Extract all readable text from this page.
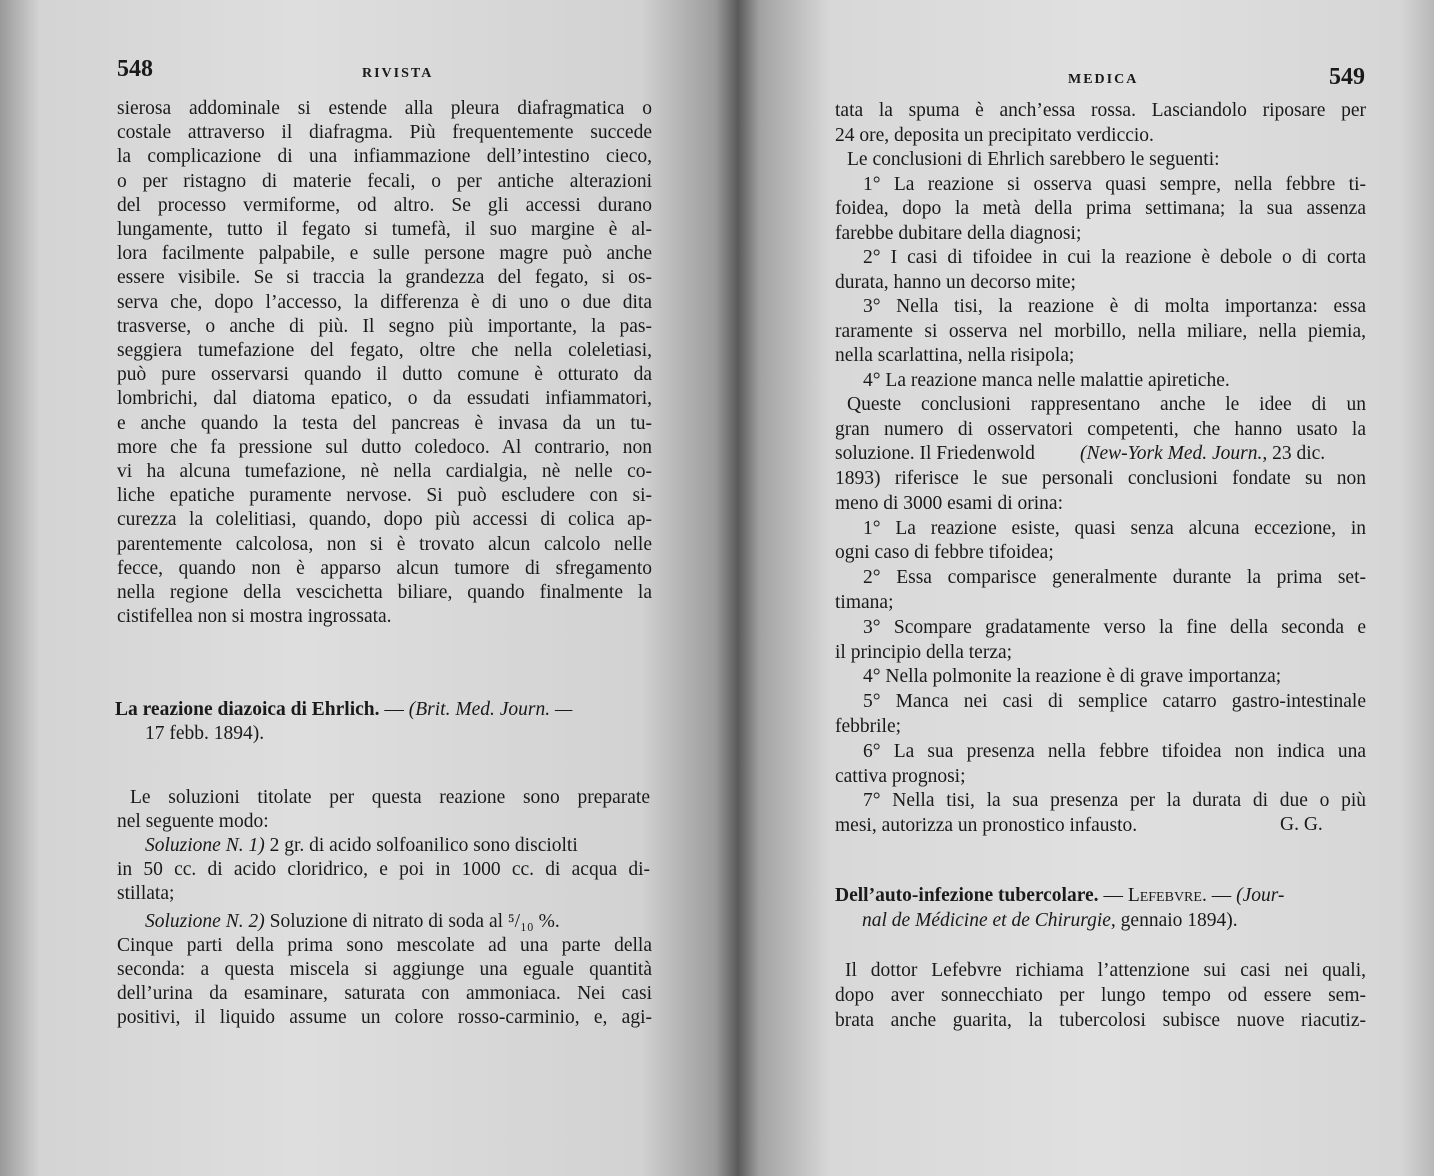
548	RIVISTA
sierosa addominale si estende alla pleura diafragmatica o
costale attraverso il diafragma. Più frequentemente succede
la complicazione di una infiammazione dell’intestino cieco,
o per ristagno di materie fecali, o per antiche alterazioni
del processo vermiforme, od altro. Se gli accessi durano
lungamente, tutto il fegato si tumefà, il suo margine è al-
lora facilmente palpabile, e sulle persone magre può anche
essere visibile. Se si traccia la grandezza del fegato, si os-
serva che, dopo l’accesso, la differenza è di uno o due dita
trasverse, o anche di più. Il segno più importante, la pas-
seggiera tumefazione del fegato, oltre che nella coleletiasi,
può pure osservarsi quando il dutto comune è otturato da
lombrichi, dal diatoma epatico, o da essudati infiammatori,
e anche quando la testa del pancreas è invasa da un tu-
more che fa pressione sul dutto coledoco. Al contrario, non
vi ha alcuna tumefazione, nè nella cardialgia, nè nelle co-
liche epatiche puramente nervose. Si può escludere con si-
curezza la colelitiasi, quando, dopo più accessi di colica ap-
parentemente calcolosa, non si è trovato alcun calcolo nelle
fecce, quando non è apparso alcun tumore di sfregamento
nella regione della vescichetta biliare, quando finalmente la
cistifellea non si mostra ingrossata.
La reazione diazoica di Ehrlich. — (Brit. Med. Journ. —
17 febb. 1894).
Le soluzioni titolate per questa reazione sono preparate
nel seguente modo:
Soluzione N. 1) 2 gr. di acido solfoanilico sono disciolti
in 50 cc. di acido cloridrico, e poi in 1000 cc. di acqua di-
stillata;
Soluzione N. 2) Soluzione di nitrato di soda al ⁵/₁₀ %.
Cinque parti della prima sono mescolate ad una parte della
seconda: a questa miscela si aggiunge una eguale quantità
dell’urina da esaminare, saturata con ammoniaca. Nei casi
positivi, il liquido assume un colore rosso-carminio, e, agi-
549
MEDICA
tata la spuma è anch’essa rossa. Lasciandolo riposare per
24 ore, deposita un precipitato verdiccio.
Le conclusioni di Ehrlich sarebbero le seguenti:
1° La reazione si osserva quasi sempre, nella febbre ti-
foidea, dopo la metà della prima settimana; la sua assenza
farebbe dubitare della diagnosi;
2° I casi di tifoidee in cui la reazione è debole o di corta
durata, hanno un decorso mite;
3° Nella tisi, la reazione è di molta importanza: essa
raramente si osserva nel morbillo, nella miliare, nella piemia,
nella scarlattina, nella risipola;
4° La reazione manca nelle malattie apiretiche.
Queste conclusioni rappresentano anche le idee di un
gran numero di osservatori competenti, che hanno usato la
soluzione. Il Friedenwold (New-York Med. Journ., 23 dic.
1893) riferisce le sue personali conclusioni fondate su non
meno di 3000 esami di orina:
1° La reazione esiste, quasi senza alcuna eccezione, in
ogni caso di febbre tifoidea;
2° Essa comparisce generalmente durante la prima set-
timana;
3° Scompare gradatamente verso la fine della seconda e
il principio della terza;
4° Nella polmonite la reazione è di grave importanza;
5° Manca nei casi di semplice catarro gastro-intestinale
febbrile;
6° La sua presenza nella febbre tifoidea non indica una
cattiva prognosi;
7° Nella tisi, la sua presenza per la durata di due o più
mesi, autorizza un pronostico infausto.	G. G.
Dell’auto-infezione tubercolare. — Lefebvre. — (Jour-
nal de Médicine et de Chirurgie, gennaio 1894).
Il dottor Lefebvre richiama l’attenzione sui casi nei quali,
dopo aver sonnecchiato per lungo tempo od essere sem-
brata anche guarita, la tubercolosi subisce nuove riacutiz-
